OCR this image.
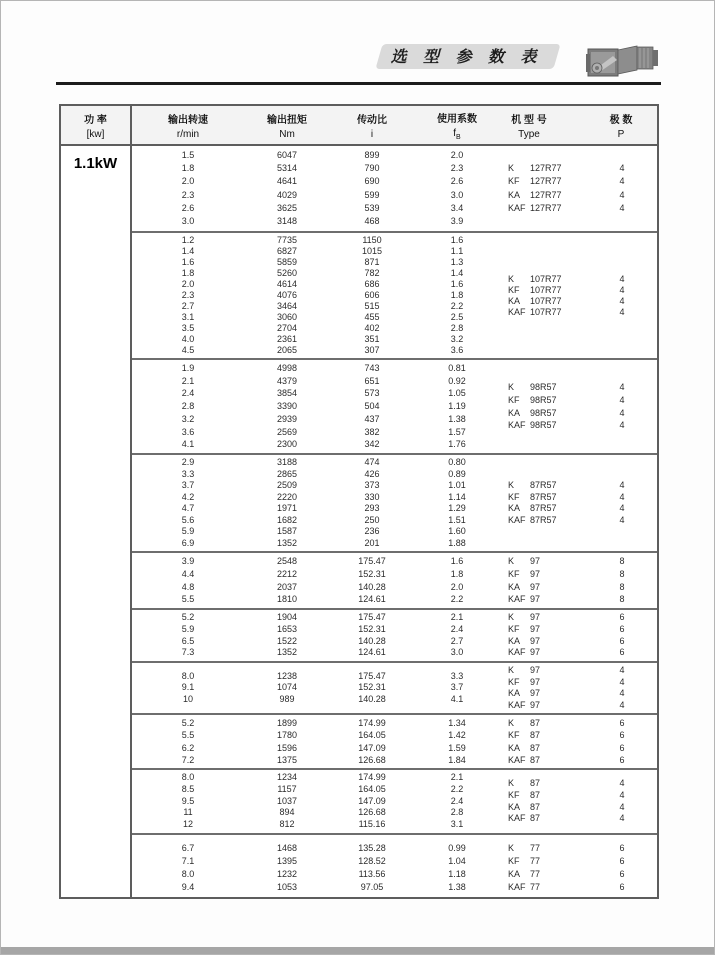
选 型 参 数 表
功 率
[kw]
输出转速
r/min
输出扭矩
Nm
传动比
i
使用系数
$f_B$
机 型 号
Type
极 数
P
1.1kW
1.5
1.8
2.0
2.3
2.6
3.0
6047
5314
4641
4029
3625
3148
899
790
690
599
539
468
2.0
2.3
2.6
3.0
3.4
3.9
K 127R77
KF 127R77
KA 127R77
KAF 127R77
4
4
4
4
1.2
1.4
1.6
1.8
2.0
2.3
2.7
3.1
3.5
4.0
4.5
7735
6827
5859
5260
4614
4076
3464
3060
2704
2361
2065
1150
1015
871
782
686
606
515
455
402
351
307
1.6
1.1
1.3
1.4
1.6
1.8
2.2
2.5
2.8
3.2
3.6
K 107R77
KF 107R77
KA 107R77
KAF 107R77
4
4
4
4
1.9
2.1
2.4
2.8
3.2
3.6
4.1
4998
4379
3854
3390
2939
2569
2300
743
651
573
504
437
382
342
0.81
0.92
1.05
1.19
1.38
1.57
1.76
K 98R57
KF 98R57
KA 98R57
KAF 98R57
4
4
4
4
2.9
3.3
3.7
4.2
4.7
5.6
5.9
6.9
3188
2865
2509
2220
1971
1682
1587
1352
474
426
373
330
293
250
236
201
0.80
0.89
1.01
1.14
1.29
1.51
1.60
1.88
K 87R57
KF 87R57
KA 87R57
KAF 87R57
4
4
4
4
3.9
4.4
4.8
5.5
2548
2212
2037
1810
175.47
152.31
140.28
124.61
1.6
1.8
2.0
2.2
K 97
KF 97
KA 97
KAF 97
8
8
8
8
5.2
5.9
6.5
7.3
1904
1653
1522
1352
175.47
152.31
140.28
124.61
2.1
2.4
2.7
3.0
K 97
KF 97
KA 97
KAF 97
6
6
6
6
8.0
9.1
10
1238
1074
989
175.47
152.31
140.28
3.3
3.7
4.1
K 97
KF 97
KA 97
KAF 97
4
4
4
4
5.2
5.5
6.2
7.2
1899
1780
1596
1375
174.99
164.05
147.09
126.68
1.34
1.42
1.59
1.84
K 87
KF 87
KA 87
KAF 87
6
6
6
6
8.0
8.5
9.5
11
12
1234
1157
1037
894
812
174.99
164.05
147.09
126.68
115.16
2.1
2.2
2.4
2.8
3.1
K 87
KF 87
KA 87
KAF 87
4
4
4
4
6.7
7.1
8.0
9.4
1468
1395
1232
1053
135.28
128.52
113.56
97.05
0.99
1.04
1.18
1.38
K 77
KF 77
KA 77
KAF 77
6
6
6
6
